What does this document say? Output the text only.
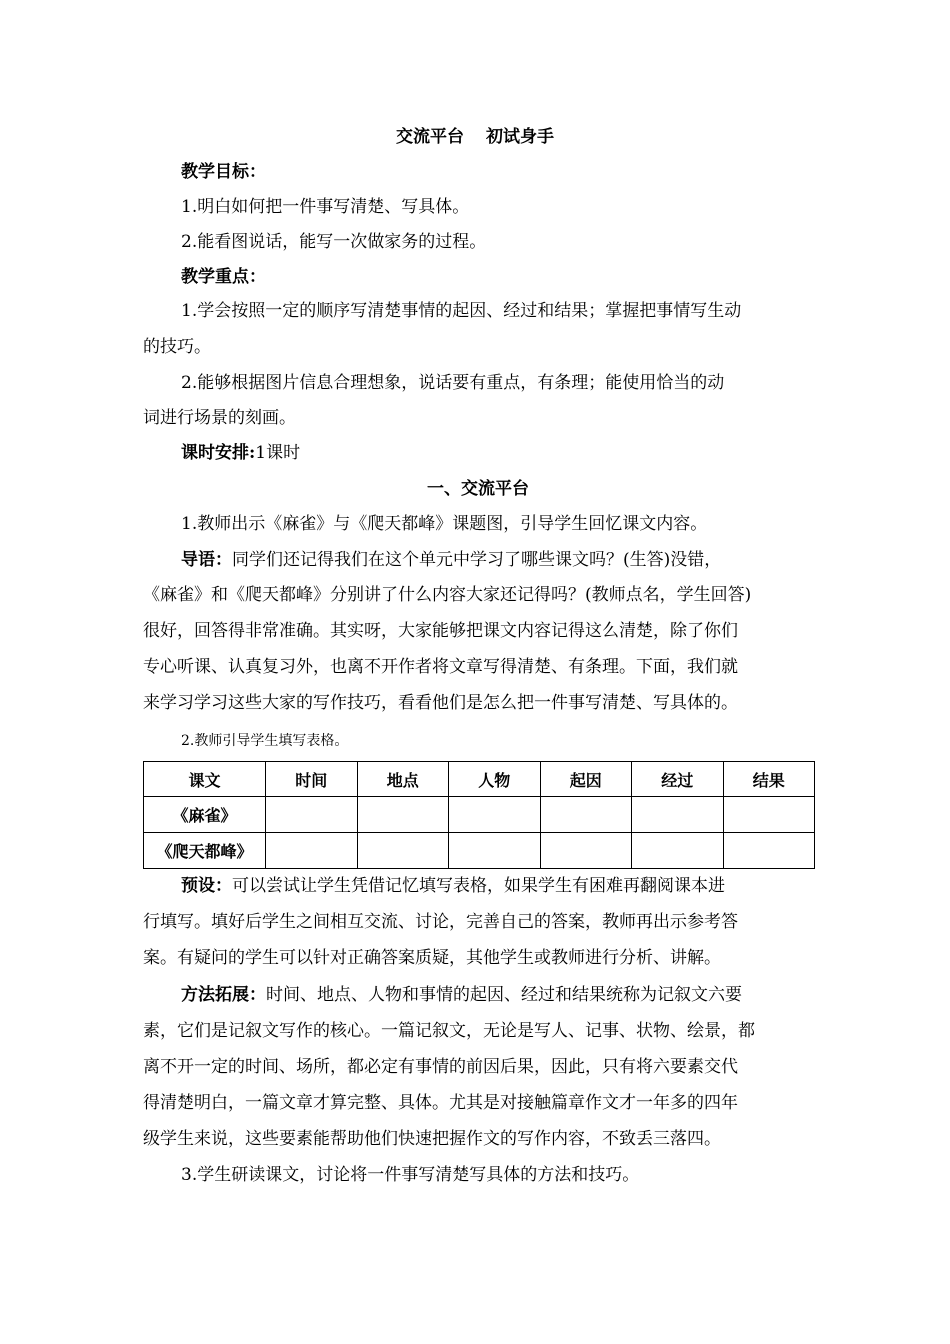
交流平台 初试身手
教学目标：
1.明白如何把一件事写清楚、写具体。
2.能看图说话，能写一次做家务的过程。
教学重点：
1.学会按照一定的顺序写清楚事情的起因、经过和结果；掌握把事情写生动
的技巧。
2.能够根据图片信息合理想象，说话要有重点，有条理；能使用恰当的动
词进行场景的刻画。
课时安排:1课时
一、交流平台
1.教师出示《麻雀》与《爬天都峰》课题图，引导学生回忆课文内容。
导语：同学们还记得我们在这个单元中学习了哪些课文吗？(生答)没错，
《麻雀》和《爬天都峰》分别讲了什么内容大家还记得吗？(教师点名，学生回答)
很好，回答得非常准确。其实呀，大家能够把课文内容记得这么清楚，除了你们
专心听课、认真复习外，也离不开作者将文章写得清楚、有条理。下面，我们就
来学习学习这些大家的写作技巧，看看他们是怎么把一件事写清楚、写具体的。
2.教师引导学生填写表格。
课文	时间	地点	人物	起因	经过	结果
《麻雀》						
《爬天都峰》						
预设：可以尝试让学生凭借记忆填写表格，如果学生有困难再翻阅课本进
行填写。填好后学生之间相互交流、讨论，完善自己的答案，教师再出示参考答
案。有疑问的学生可以针对正确答案质疑，其他学生或教师进行分析、讲解。
方法拓展：时间、地点、人物和事情的起因、经过和结果统称为记叙文六要
素，它们是记叙文写作的核心。一篇记叙文，无论是写人、记事、状物、绘景，都
离不开一定的时间、场所，都必定有事情的前因后果，因此，只有将六要素交代
得清楚明白，一篇文章才算完整、具体。尤其是对接触篇章作文才一年多的四年
级学生来说，这些要素能帮助他们快速把握作文的写作内容，不致丢三落四。
3.学生研读课文，讨论将一件事写清楚写具体的方法和技巧。
